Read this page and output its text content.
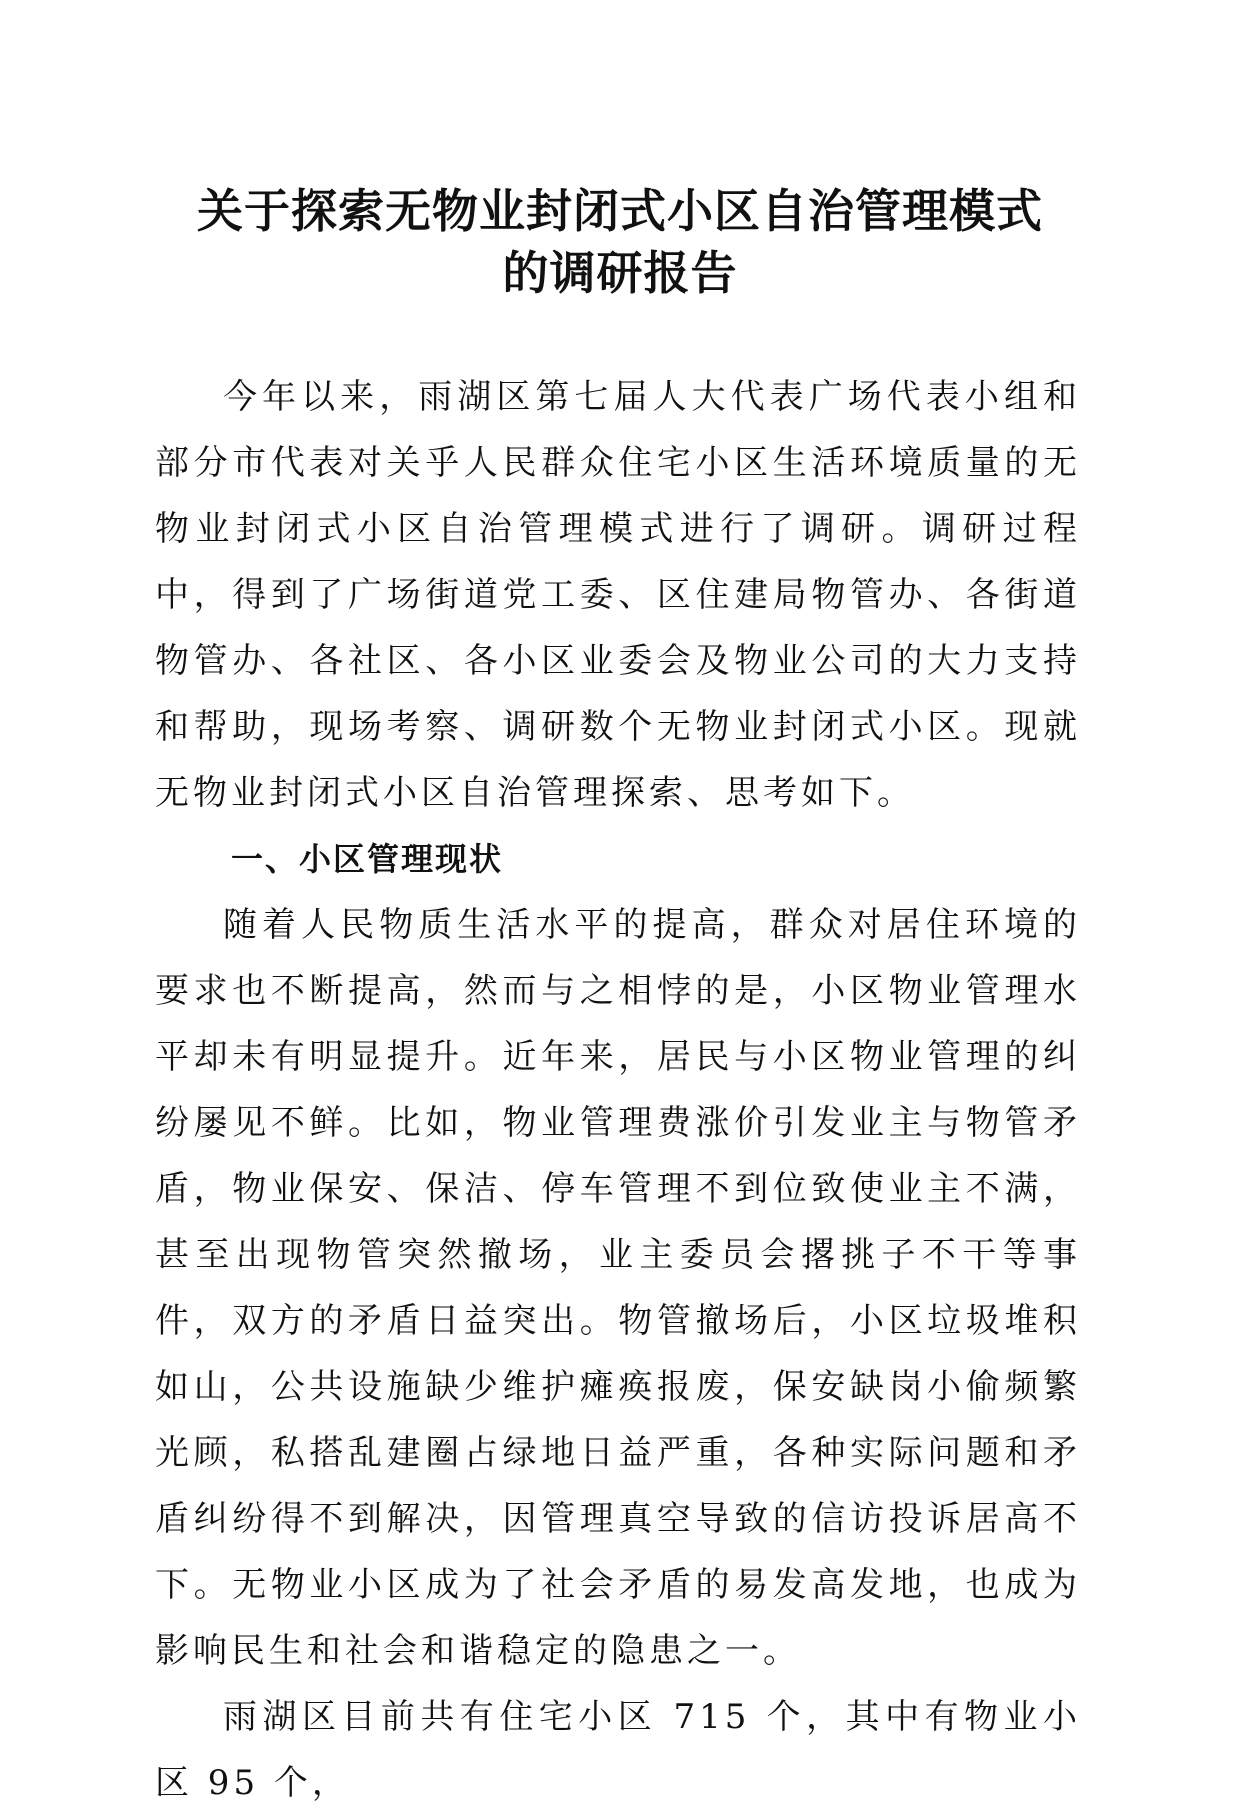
关于探索无物业封闭式小区自治管理模式
的调研报告

今年以来，雨湖区第七届人大代表广场代表小组和部分市代表对关乎人民群众住宅小区生活环境质量的无物业封闭式小区自治管理模式进行了调研。调研过程中，得到了广场街道党工委、区住建局物管办、各街道物管办、各社区、各小区业委会及物业公司的大力支持和帮助，现场考察、调研数个无物业封闭式小区。现就无物业封闭式小区自治管理探索、思考如下。

一、小区管理现状

随着人民物质生活水平的提高，群众对居住环境的要求也不断提高，然而与之相悖的是，小区物业管理水平却未有明显提升。近年来，居民与小区物业管理的纠纷屡见不鲜。比如，物业管理费涨价引发业主与物管矛盾，物业保安、保洁、停车管理不到位致使业主不满，甚至出现物管突然撤场，业主委员会撂挑子不干等事件，双方的矛盾日益突出。物管撤场后，小区垃圾堆积如山，公共设施缺少维护瘫痪报废，保安缺岗小偷频繁光顾，私搭乱建圈占绿地日益严重，各种实际问题和矛盾纠纷得不到解决，因管理真空导致的信访投诉居高不下。无物业小区成为了社会矛盾的易发高发地，也成为影响民生和社会和谐稳定的隐患之一。

雨湖区目前共有住宅小区 715 个，其中有物业小区 95 个，
